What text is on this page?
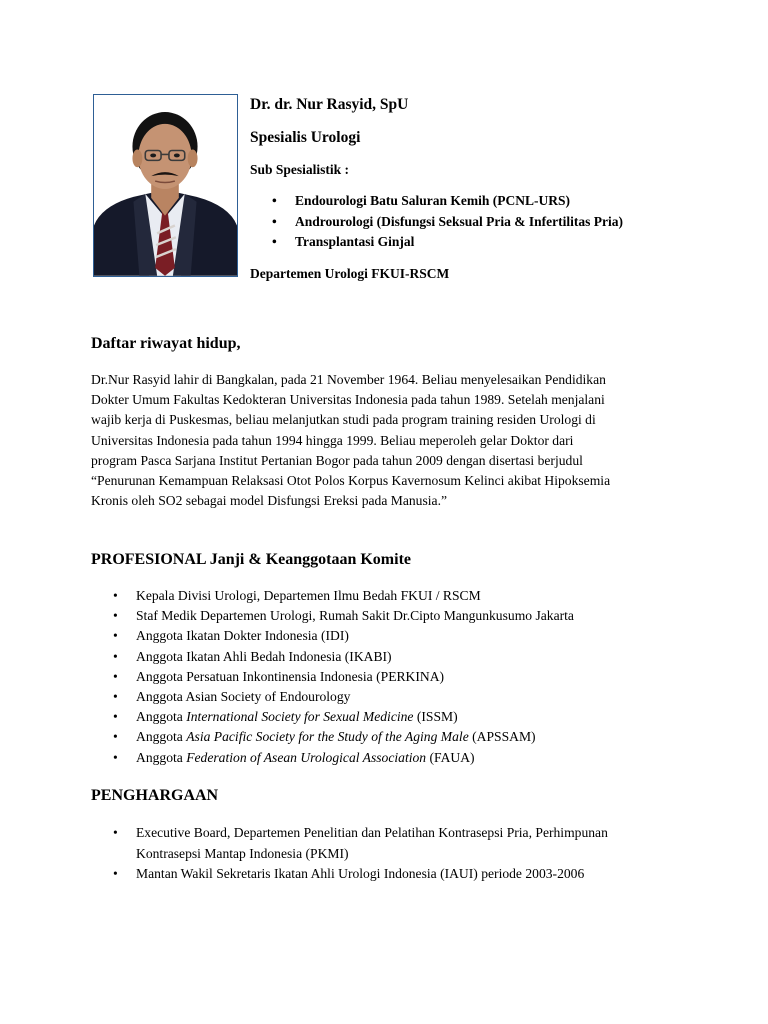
Dr. dr. Nur Rasyid, SpU
Spesialis Urologi
Sub Spesialistik :
• Endourologi Batu Saluran Kemih (PCNL-URS)
• Androurologi (Disfungsi Seksual Pria & Infertilitas Pria)
• Transplantasi Ginjal
Departemen Urologi FKUI-RSCM
Daftar riwayat hidup,
Dr.Nur Rasyid lahir di Bangkalan, pada 21 November 1964. Beliau menyelesaikan Pendidikan
Dokter Umum Fakultas Kedokteran Universitas Indonesia pada tahun 1989. Setelah menjalani
wajib kerja di Puskesmas, beliau melanjutkan studi pada program training residen Urologi di
Universitas Indonesia pada tahun 1994 hingga 1999. Beliau meperoleh gelar Doktor dari
program Pasca Sarjana Institut Pertanian Bogor pada tahun 2009 dengan disertasi berjudul
“Penurunan Kemampuan Relaksasi Otot Polos Korpus Kavernosum Kelinci akibat Hipoksemia
Kronis oleh SO2 sebagai model Disfungsi Ereksi pada Manusia.”
PROFESIONAL Janji & Keanggotaan Komite
• Kepala Divisi Urologi, Departemen Ilmu Bedah FKUI / RSCM
• Staf Medik Departemen Urologi, Rumah Sakit Dr.Cipto Mangunkusumo Jakarta
• Anggota Ikatan Dokter Indonesia (IDI)
• Anggota Ikatan Ahli Bedah Indonesia (IKABI)
• Anggota Persatuan Inkontinensia Indonesia (PERKINA)
• Anggota Asian Society of Endourology
• Anggota International Society for Sexual Medicine (ISSM)
• Anggota Asia Pacific Society for the Study of the Aging Male (APSSAM)
• Anggota Federation of Asean Urological Association (FAUA)
PENGHARGAAN
• Executive Board, Departemen Penelitian dan Pelatihan Kontrasepsi Pria, Perhimpunan
Kontrasepsi Mantap Indonesia (PKMI)
• Mantan Wakil Sekretaris Ikatan Ahli Urologi Indonesia (IAUI) periode 2003-2006
